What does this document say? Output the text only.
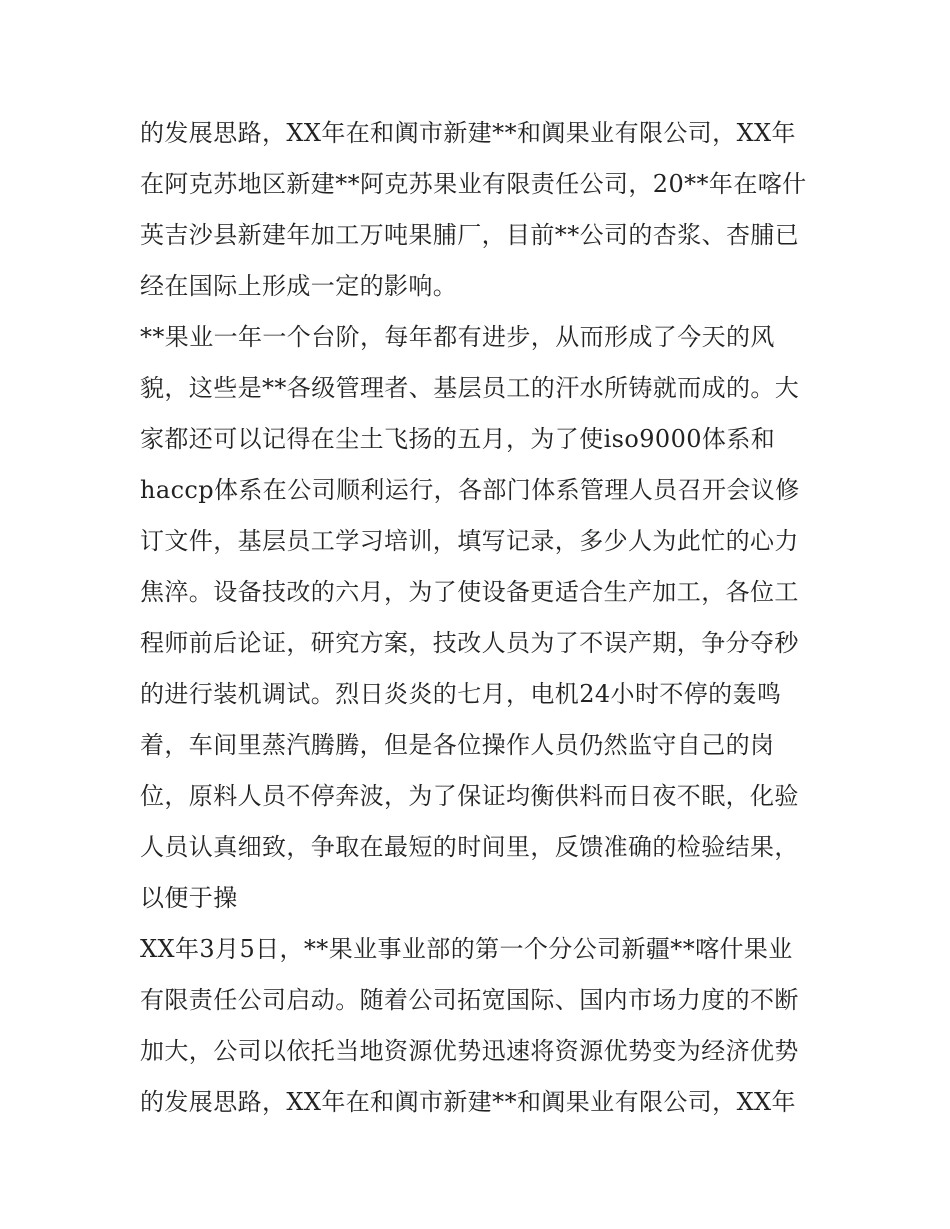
的发展思路，XX年在和阗市新建**和阗果业有限公司，XX年
在阿克苏地区新建**阿克苏果业有限责任公司，20**年在喀什
英吉沙县新建年加工万吨果脯厂，目前**公司的杏浆、杏脯已
经在国际上形成一定的影响。
**果业一年一个台阶，每年都有进步，从而形成了今天的风
貌，这些是**各级管理者、基层员工的汗水所铸就而成的。大
家都还可以记得在尘土飞扬的五月，为了使iso9000体系和
haccp体系在公司顺利运行，各部门体系管理人员召开会议修
订文件，基层员工学习培训，填写记录，多少人为此忙的心力
焦淬。设备技改的六月，为了使设备更适合生产加工，各位工
程师前后论证，研究方案，技改人员为了不误产期，争分夺秒
的进行装机调试。烈日炎炎的七月，电机24小时不停的轰鸣
着，车间里蒸汽腾腾，但是各位操作人员仍然监守自己的岗
位，原料人员不停奔波，为了保证均衡供料而日夜不眠，化验
人员认真细致，争取在最短的时间里，反馈准确的检验结果，
以便于操
XX年3月5日，**果业事业部的第一个分公司新疆**喀什果业
有限责任公司启动。随着公司拓宽国际、国内市场力度的不断
加大，公司以依托当地资源优势迅速将资源优势变为经济优势
的发展思路，XX年在和阗市新建**和阗果业有限公司，XX年
